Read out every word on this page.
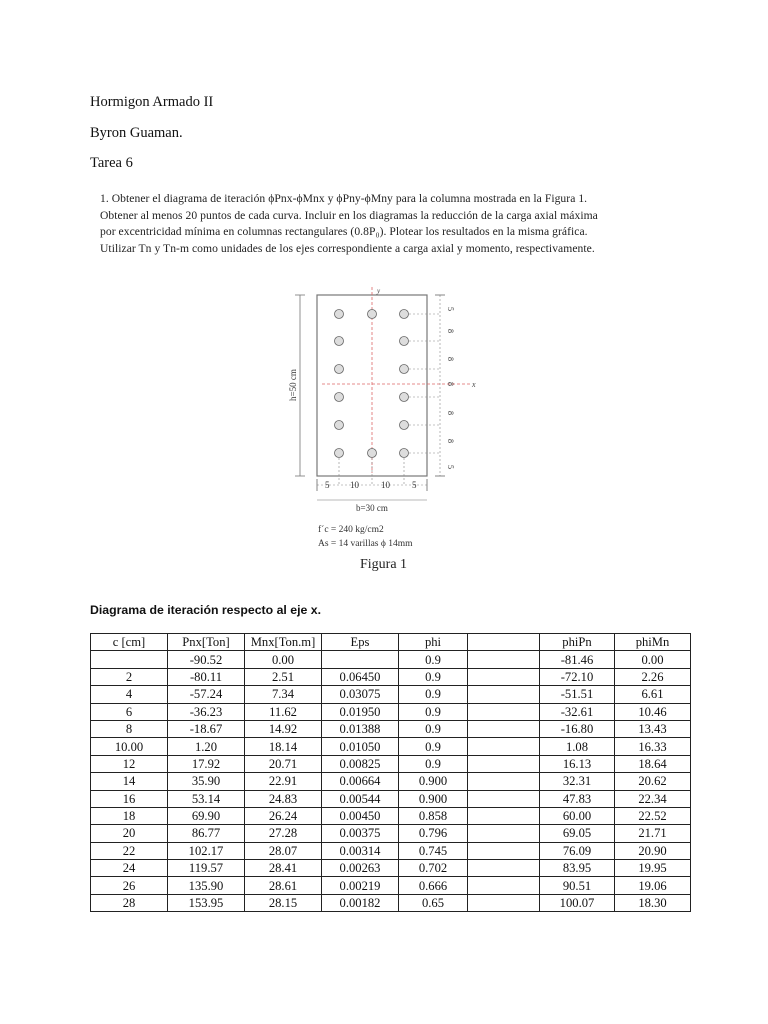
Hormigon Armado II
Byron Guaman.
Tarea 6
1. Obtener el diagrama de iteración ϕPnx-ϕMnx y ϕPny-ϕMny para la columna mostrada en la Figura 1.
Obtener al menos 20 puntos de cada curva. Incluir en los diagramas la reducción de la carga axial máxima
por excentricidad mínima en columnas rectangulares (0.8P₀). Plotear los resultados en la misma gráfica.
Utilizar Tn y Tn-m como unidades de los ejes correspondiente a carga axial y momento, respectivamente.
y
x
5
8
8
8
8
8
5
h=50 cm
5 10 10 5
b=30 cm
f´c = 240 kg/cm2
As = 14 varillas ϕ 14mm
Figura 1
Diagrama de iteración respecto al eje x.
c [cm]	Pnx[Ton]	Mnx[Ton.m]	Eps	phi		phiPn	phiMn
	-90.52	0.00		0.9		-81.46	0.00
2	-80.11	2.51	0.06450	0.9		-72.10	2.26
4	-57.24	7.34	0.03075	0.9		-51.51	6.61
6	-36.23	11.62	0.01950	0.9		-32.61	10.46
8	-18.67	14.92	0.01388	0.9		-16.80	13.43
10.00	1.20	18.14	0.01050	0.9		1.08	16.33
12	17.92	20.71	0.00825	0.9		16.13	18.64
14	35.90	22.91	0.00664	0.900		32.31	20.62
16	53.14	24.83	0.00544	0.900		47.83	22.34
18	69.90	26.24	0.00450	0.858		60.00	22.52
20	86.77	27.28	0.00375	0.796		69.05	21.71
22	102.17	28.07	0.00314	0.745		76.09	20.90
24	119.57	28.41	0.00263	0.702		83.95	19.95
26	135.90	28.61	0.00219	0.666		90.51	19.06
28	153.95	28.15	0.00182	0.65		100.07	18.30
